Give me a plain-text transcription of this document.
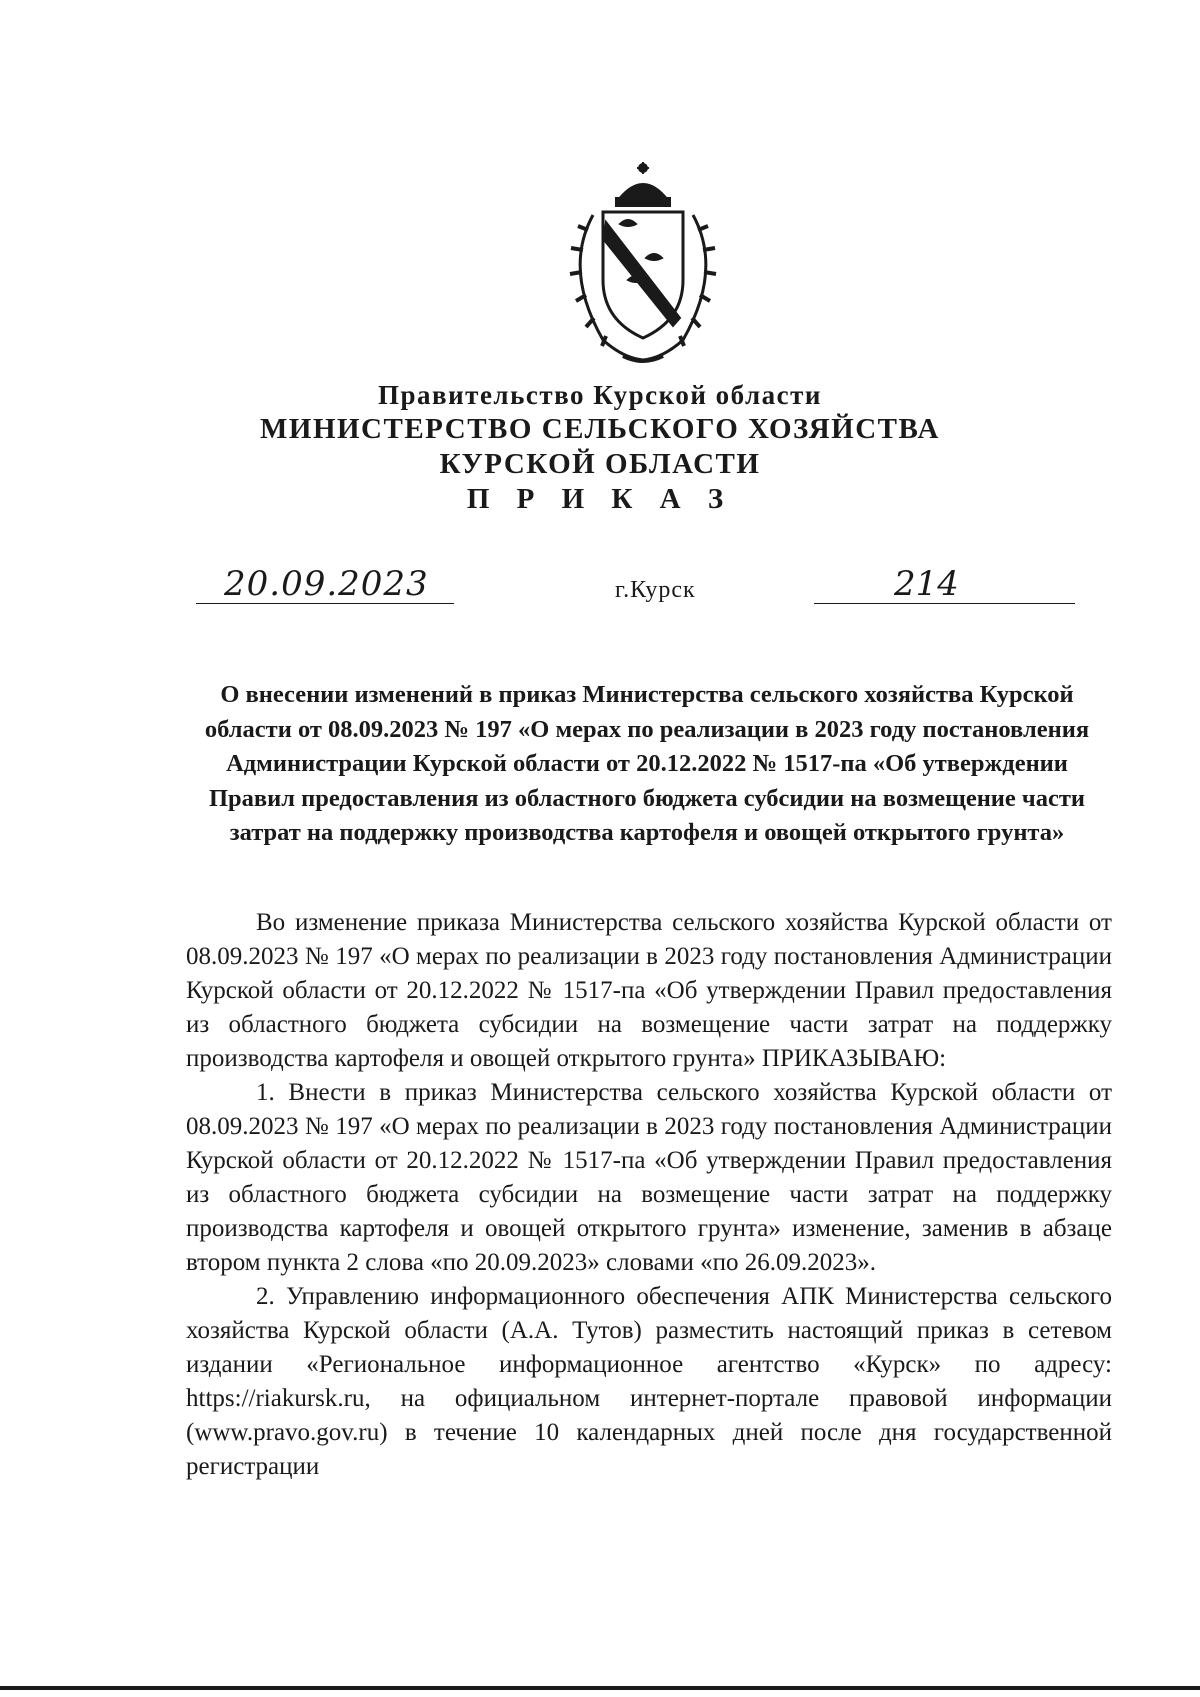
Правительство Курской области
МИНИСТЕРСТВО СЕЛЬСКОГО ХОЗЯЙСТВА
КУРСКОЙ ОБЛАСТИ
П Р И К А З
20.09.2023	г.Курск	214
О внесении изменений в приказ Министерства сельского хозяйства Курской области от 08.09.2023 № 197 «О мерах по реализации в 2023 году постановления Администрации Курской области от 20.12.2022 № 1517-па «Об утверждении Правил предоставления из областного бюджета субсидии на возмещение части затрат на поддержку производства картофеля и овощей открытого грунта»

Во изменение приказа Министерства сельского хозяйства Курской области от 08.09.2023 № 197 «О мерах по реализации в 2023 году постановления Администрации Курской области от 20.12.2022 № 1517-па «Об утверждении Правил предоставления из областного бюджета субсидии на возмещение части затрат на поддержку производства картофеля и овощей открытого грунта» ПРИКАЗЫВАЮ:

1. Внести в приказ Министерства сельского хозяйства Курской области от 08.09.2023 № 197 «О мерах по реализации в 2023 году постановления Администрации Курской области от 20.12.2022 № 1517-па «Об утверждении Правил предоставления из областного бюджета субсидии на возмещение части затрат на поддержку производства картофеля и овощей открытого грунта» изменение, заменив в абзаце втором пункта 2 слова «по 20.09.2023» словами «по 26.09.2023».

2. Управлению информационного обеспечения АПК Министерства сельского хозяйства Курской области (А.А. Тутов) разместить настоящий приказ в сетевом издании «Региональное информационное агентство «Курск» по адресу: https://riakursk.ru, на официальном интернет-портале правовой информации (www.pravo.gov.ru) в течение 10 календарных дней после дня государственной регистрации
